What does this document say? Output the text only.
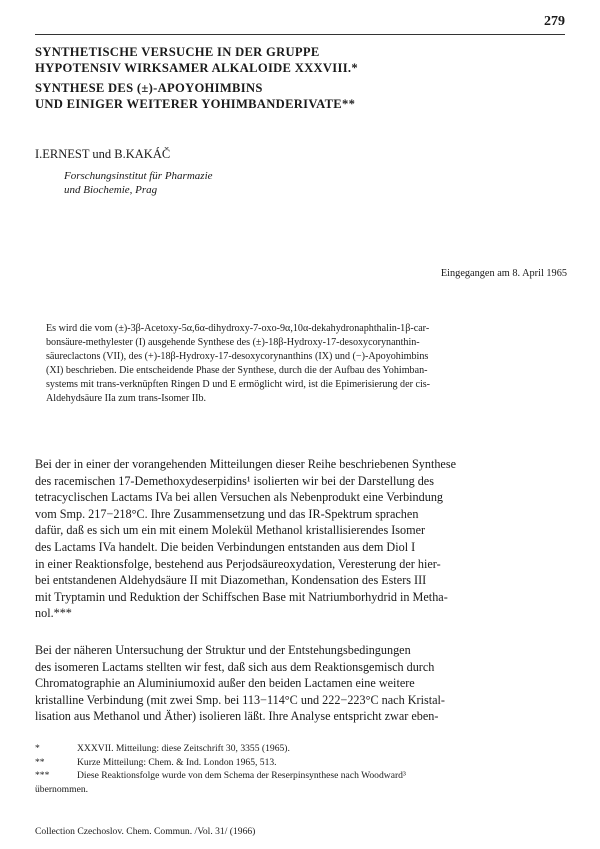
279
SYNTHETISCHE VERSUCHE IN DER GRUPPE
HYPOTENSIV WIRKSAMER ALKALOIDE XXXVIII.*
SYNTHESE DES (±)-APOYOHIMBINS
UND EINIGER WEITERER YOHIMBANDERIVATE**
I.ERNEST und B.KAKÁČ
Forschungsinstitut für Pharmazie
und Biochemie, Prag
Eingegangen am 8. April 1965
Es wird die vom (±)-3β-Acetoxy-5α,6α-dihydroxy-7-oxo-9α,10α-dekahydronaphthalin-1β-car-
bonsäure-methylester (I) ausgehende Synthese des (±)-18β-Hydroxy-17-desoxycorynanthin-
säureclactons (VII), des (+)-18β-Hydroxy-17-desoxycorynanthins (IX) und (−)-Apoyohimbins
(XI) beschrieben. Die entscheidende Phase der Synthese, durch die der Aufbau des Yohimban-
systems mit trans-verknüpften Ringen D und E ermöglicht wird, ist die Epimerisierung der cis-
Aldehydsäure IIa zum trans-Isomer IIb.
Bei der in einer der vorangehenden Mitteilungen dieser Reihe beschriebenen Synthese
des racemischen 17-Demethoxydeserpidins¹ isolierten wir bei der Darstellung des
tetracyclischen Lactams IVa bei allen Versuchen als Nebenprodukt eine Verbindung
vom Smp. 217−218°C. Ihre Zusammensetzung und das IR-Spektrum sprachen
dafür, daß es sich um ein mit einem Molekül Methanol kristallisierendes Isomer
des Lactams IVa handelt. Die beiden Verbindungen entstanden aus dem Diol I
in einer Reaktionsfolge, bestehend aus Perjodsäureoxydation, Veresterung der hier-
bei entstandenen Aldehydsäure II mit Diazomethan, Kondensation des Esters III
mit Tryptamin und Reduktion der Schiffschen Base mit Natriumborhydrid in Metha-
nol.***
Bei der näheren Untersuchung der Struktur und der Entstehungsbedingungen
des isomeren Lactams stellten wir fest, daß sich aus dem Reaktionsgemisch durch
Chromatographie an Aluminiumoxid außer den beiden Lactamen eine weitere
kristalline Verbindung (mit zwei Smp. bei 113−114°C und 222−223°C nach Kristal-
lisation aus Methanol und Äther) isolieren läßt. Ihre Analyse entspricht zwar eben-
*	XXXVII. Mitteilung: diese Zeitschrift 30, 3355 (1965).
**	Kurze Mitteilung: Chem. & Ind. London 1965, 513.
***	Diese Reaktionsfolge wurde von dem Schema der Reserpinsynthese nach Woodward³
übernommen.
Collection Czechoslov. Chem. Commun. /Vol. 31/ (1966)
